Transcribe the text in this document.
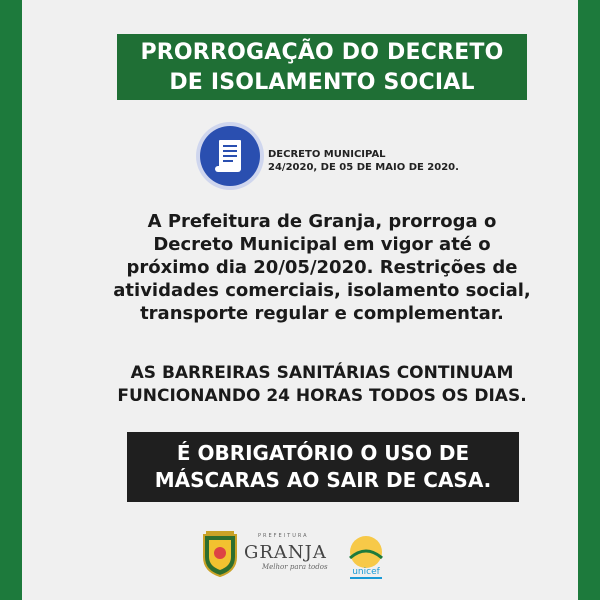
PRORROGAÇÃO DO DECRETO
DE ISOLAMENTO SOCIAL
DECRETO MUNICIPAL
24/2020, DE 05 DE MAIO DE 2020.
A Prefeitura de Granja, prorroga o
Decreto Municipal em vigor até o
próximo dia 20/05/2020. Restrições de
atividades comerciais, isolamento social,
transporte regular e complementar.
AS BARREIRAS SANITÁRIAS CONTINUAM
FUNCIONANDO 24 HORAS TODOS OS DIAS.
É OBRIGATÓRIO O USO DE
MÁSCARAS AO SAIR DE CASA.
PREFEITURA
GRANJA
Melhor para todos	unicef
